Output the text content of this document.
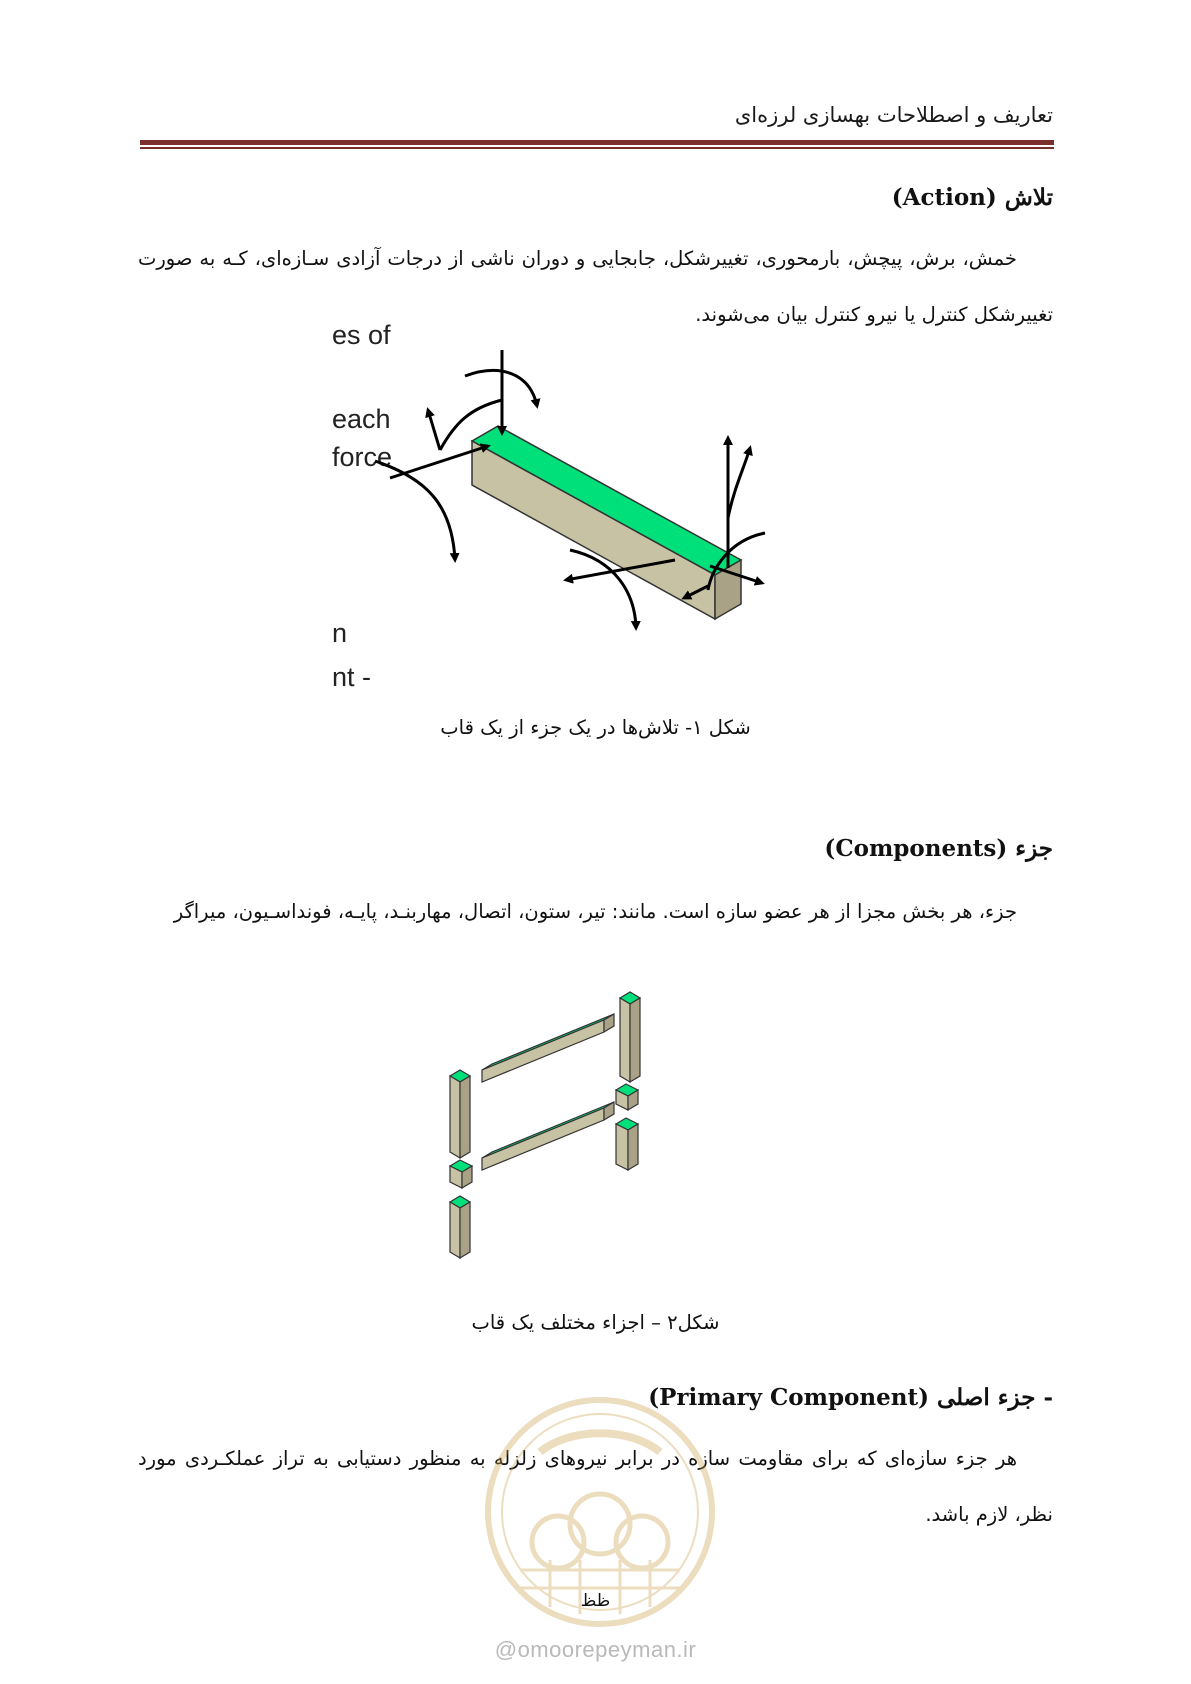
تعاریف و اصطلاحات بهسازی لرزه‌ای
تلاش (Action)
خمش، برش، پیچش، بارمحوری، تغییرشکل، جابجایی و دوران ناشی از درجات آزادی سـازه‌ای، کـه به صورت تغییرشکل کنترل یا نیرو کنترل بیان می‌شوند.
es of
each
force
n
nt -
شکل ۱- تلاش‌ها در یک جزء از یک قاب
جزء (Components)
جزء، هر بخش مجزا از هر عضو سازه است. مانند: تیر، ستون، اتصال، مهاربنـد، پایـه، فونداسـیون، میراگر
شکل۲ – اجزاء مختلف یک قاب
- جزء اصلی (Primary Component)
هر جزء سازه‌ای که برای مقاومت سازه در برابر نیروهای زلزله به منظور دستیابی به تراز عملکـردی مورد نظر، لازم باشد.
ظظ
@omoorepeyman.ir
